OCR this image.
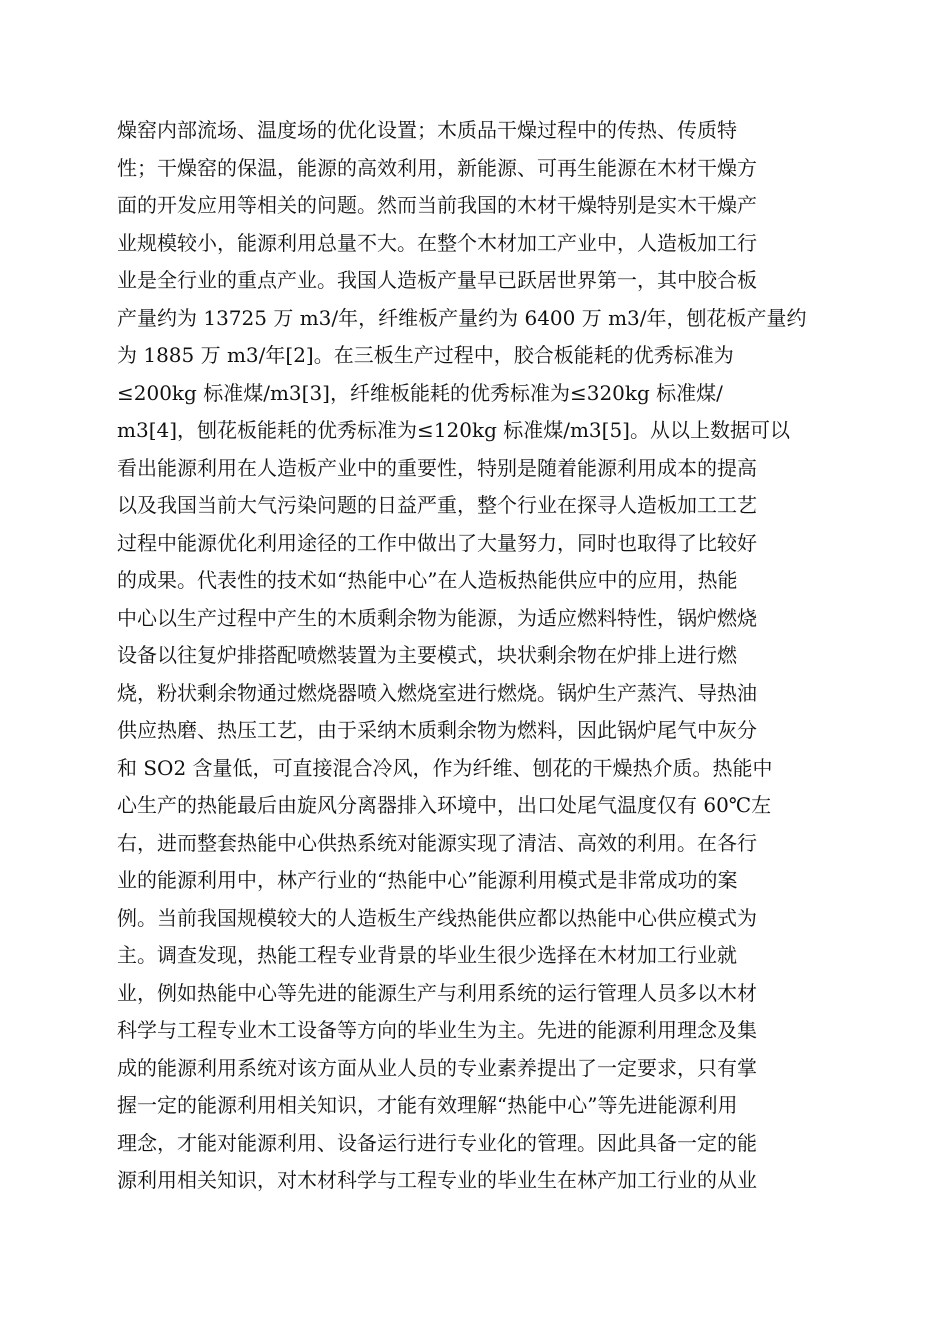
燥窑内部流场、温度场的优化设置；木质品干燥过程中的传热、传质特
性；干燥窑的保温，能源的高效利用，新能源、可再生能源在木材干燥方
面的开发应用等相关的问题。然而当前我国的木材干燥特别是实木干燥产
业规模较小，能源利用总量不大。在整个木材加工产业中，人造板加工行
业是全行业的重点产业。我国人造板产量早已跃居世界第一，其中胶合板
产量约为 13725 万 m3/年，纤维板产量约为 6400 万 m3/年，刨花板产量约
为 1885 万 m3/年[2]。在三板生产过程中，胶合板能耗的优秀标准为
≤200kg 标准煤/m3[3]，纤维板能耗的优秀标准为≤320kg 标准煤/
m3[4]，刨花板能耗的优秀标准为≤120kg 标准煤/m3[5]。从以上数据可以
看出能源利用在人造板产业中的重要性，特别是随着能源利用成本的提高
以及我国当前大气污染问题的日益严重，整个行业在探寻人造板加工工艺
过程中能源优化利用途径的工作中做出了大量努力，同时也取得了比较好
的成果。代表性的技术如“热能中心”在人造板热能供应中的应用，热能
中心以生产过程中产生的木质剩余物为能源，为适应燃料特性，锅炉燃烧
设备以往复炉排搭配喷燃装置为主要模式，块状剩余物在炉排上进行燃
烧，粉状剩余物通过燃烧器喷入燃烧室进行燃烧。锅炉生产蒸汽、导热油
供应热磨、热压工艺，由于采纳木质剩余物为燃料，因此锅炉尾气中灰分
和 SO2 含量低，可直接混合冷风，作为纤维、刨花的干燥热介质。热能中
心生产的热能最后由旋风分离器排入环境中，出口处尾气温度仅有 60℃左
右，进而整套热能中心供热系统对能源实现了清洁、高效的利用。在各行
业的能源利用中，林产行业的“热能中心”能源利用模式是非常成功的案
例。当前我国规模较大的人造板生产线热能供应都以热能中心供应模式为
主。调查发现，热能工程专业背景的毕业生很少选择在木材加工行业就
业，例如热能中心等先进的能源生产与利用系统的运行管理人员多以木材
科学与工程专业木工设备等方向的毕业生为主。先进的能源利用理念及集
成的能源利用系统对该方面从业人员的专业素养提出了一定要求，只有掌
握一定的能源利用相关知识，才能有效理解“热能中心”等先进能源利用
理念，才能对能源利用、设备运行进行专业化的管理。因此具备一定的能
源利用相关知识，对木材科学与工程专业的毕业生在林产加工行业的从业
